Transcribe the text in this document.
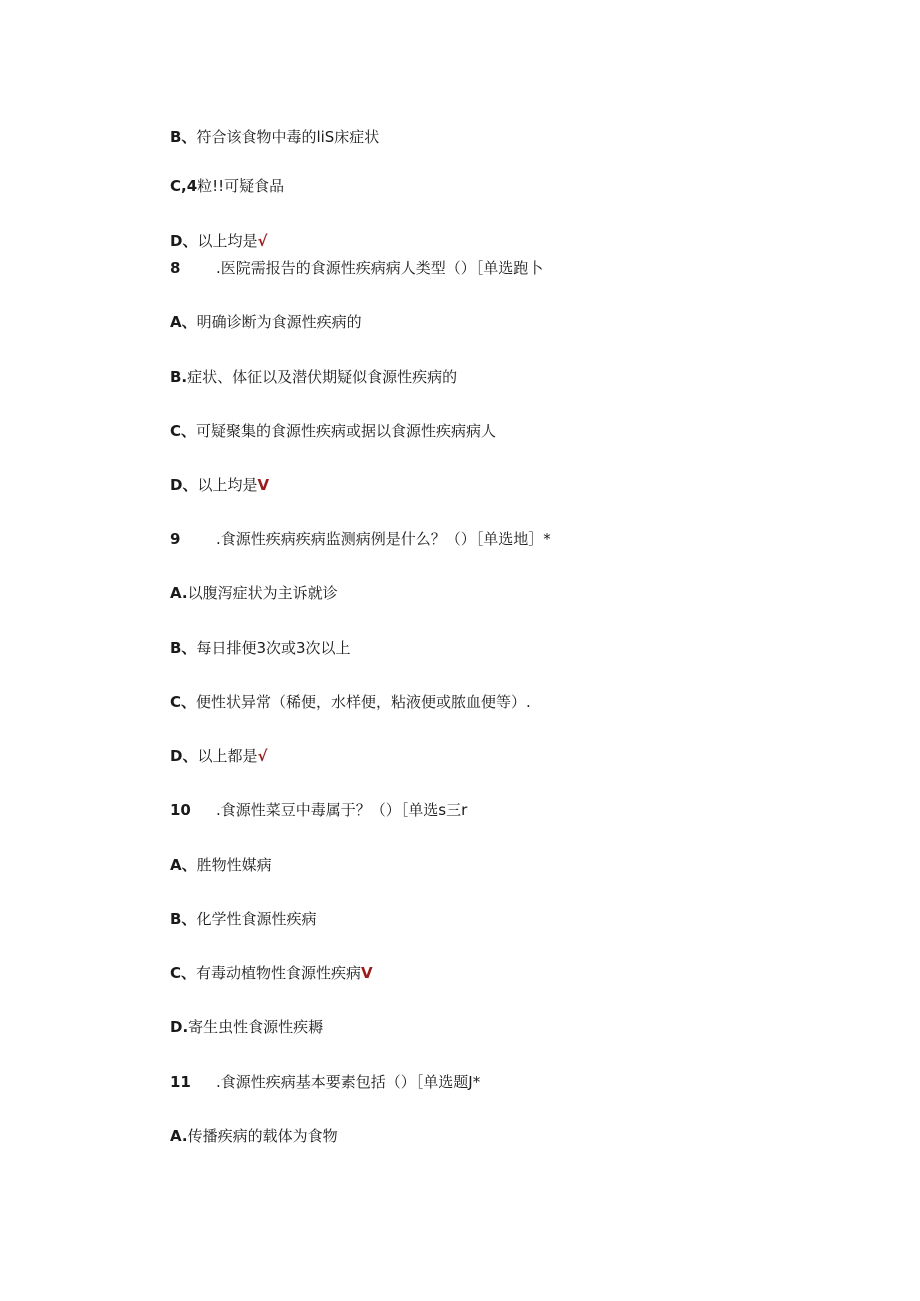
B、符合该食物中毒的liS床症状
C,4粒!!可疑食品
D、以上均是√
8 .医院需报告的食源性疾病病人类型（）［单选跑卜
A、明确诊断为食源性疾病的
B.症状、体征以及潜伏期疑似食源性疾病的
C、可疑聚集的食源性疾病或据以食源性疾病病人
D、以上均是V
9 .食源性疾病疾病监测病例是什么？（）［单选地］*
A.以腹泻症状为主诉就诊
B、每日排便3次或3次以上
C、便性状异常（稀便，水样便，粘液便或脓血便等）.
D、以上都是√
10 .食源性菜豆中毒属于？（）［单选s三r
A、胜物性媒病
B、化学性食源性疾病
C、有毒动植物性食源性疾病V
D.寄生虫性食源性疾耨
11 .食源性疾病基本要素包括（）［单选题J*
A.传播疾病的载体为食物
